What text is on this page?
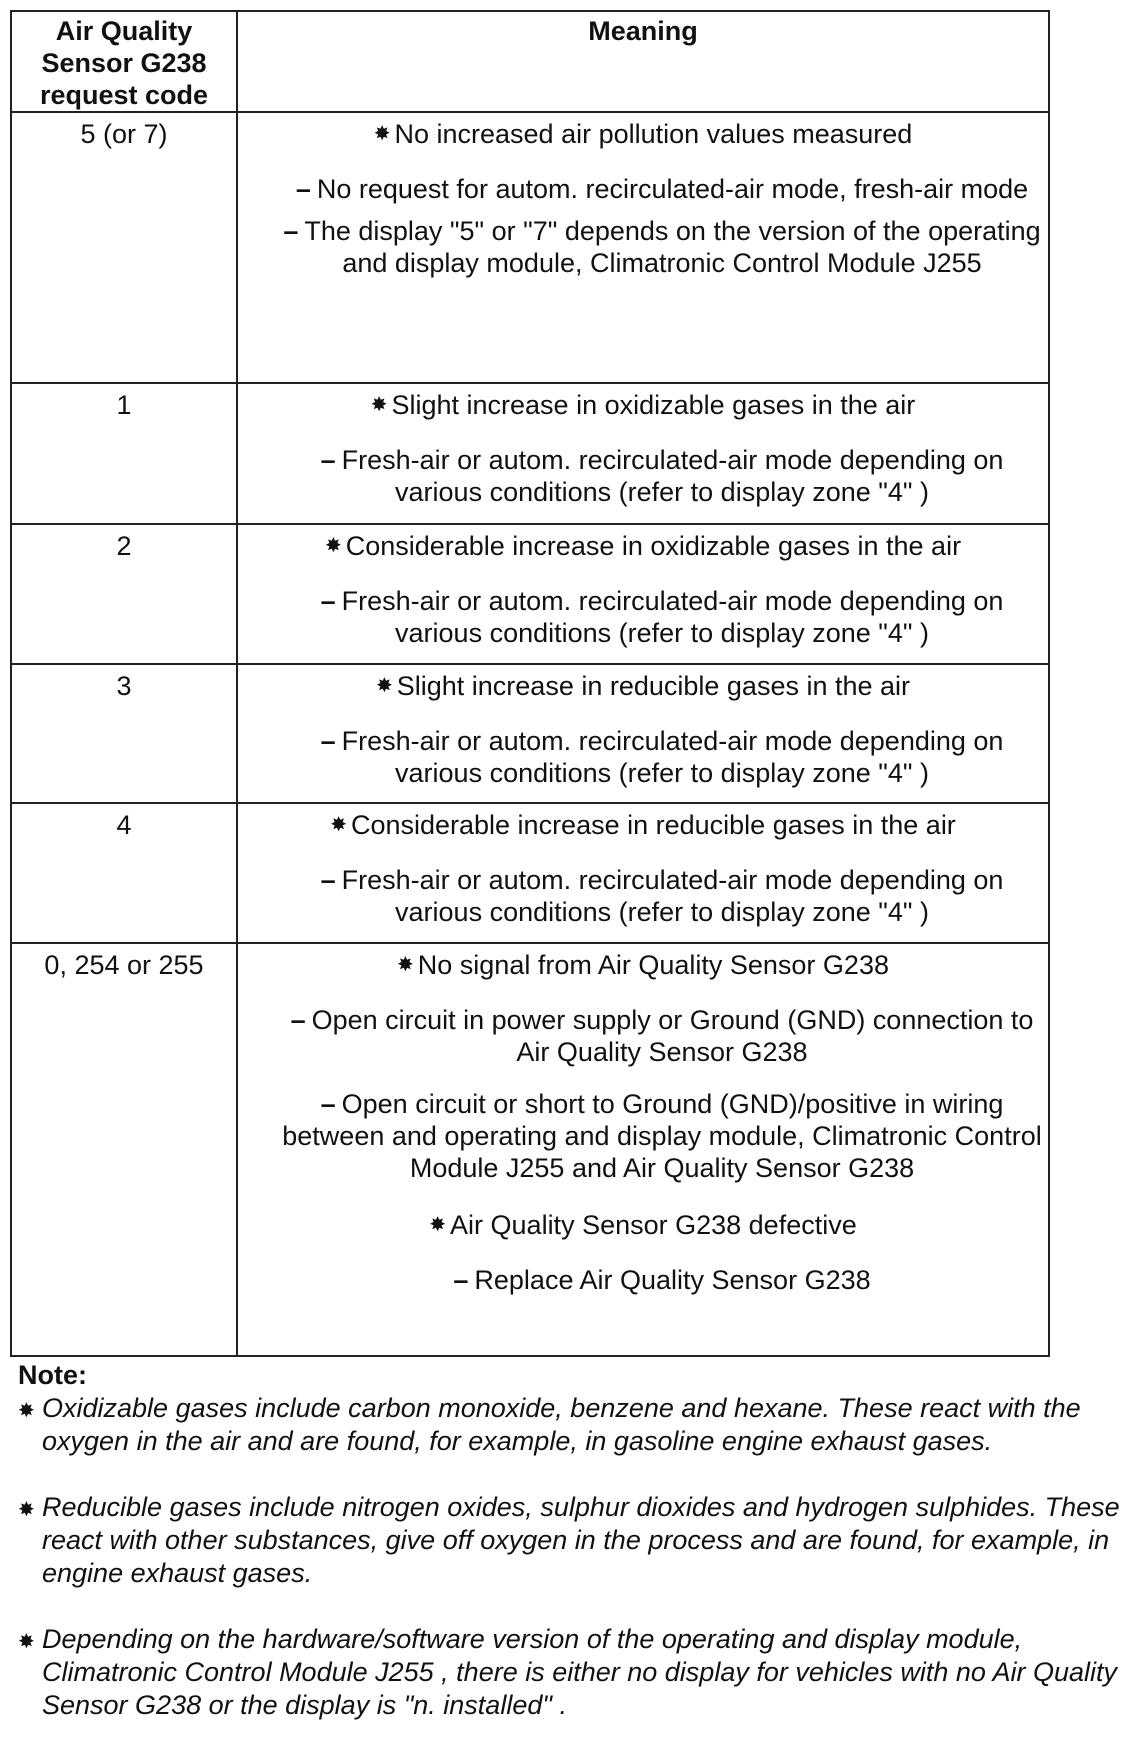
Air Quality
Sensor G238
request code	Meaning

5 (or 7)	✸ No increased air pollution values measured
– No request for autom. recirculated-air mode, fresh-air mode
– The display "5" or "7" depends on the version of the operating and display module, Climatronic Control Module J255

1	✸ Slight increase in oxidizable gases in the air
– Fresh-air or autom. recirculated-air mode depending on various conditions (refer to display zone "4" )

2	✸ Considerable increase in oxidizable gases in the air
– Fresh-air or autom. recirculated-air mode depending on various conditions (refer to display zone "4" )

3	✸ Slight increase in reducible gases in the air
– Fresh-air or autom. recirculated-air mode depending on various conditions (refer to display zone "4" )

4	✸ Considerable increase in reducible gases in the air
– Fresh-air or autom. recirculated-air mode depending on various conditions (refer to display zone "4" )

0, 254 or 255	✸ No signal from Air Quality Sensor G238
– Open circuit in power supply or Ground (GND) connection to Air Quality Sensor G238
– Open circuit or short to Ground (GND)/positive in wiring between and operating and display module, Climatronic Control Module J255 and Air Quality Sensor G238
✸ Air Quality Sensor G238 defective
– Replace Air Quality Sensor G238
Note:
✸ Oxidizable gases include carbon monoxide, benzene and hexane. These react with the oxygen in the air and are found, for example, in gasoline engine exhaust gases.
✸ Reducible gases include nitrogen oxides, sulphur dioxides and hydrogen sulphides. These react with other substances, give off oxygen in the process and are found, for example, in engine exhaust gases.
✸ Depending on the hardware/software version of the operating and display module, Climatronic Control Module J255 , there is either no display for vehicles with no Air Quality Sensor G238 or the display is "n. installed" .
